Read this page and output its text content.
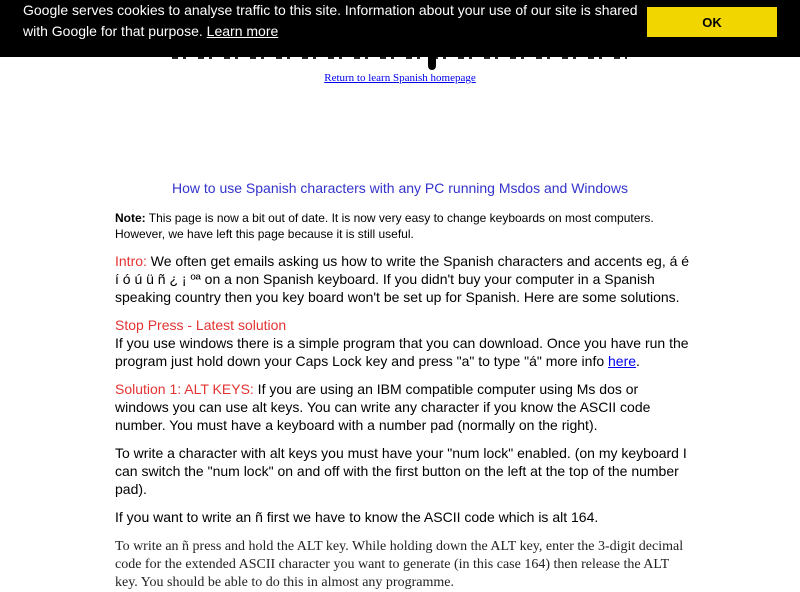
Google serves cookies to analyse traffic to this site. Information about your use of our site is shared with Google for that purpose. Learn more
OK
Return to learn Spanish homepage
How to use Spanish characters with any PC running Msdos and Windows

Note: This page is now a bit out of date. It is now very easy to change keyboards on most computers. However, we have left this page because it is still useful.

Intro: We often get emails asking us how to write the Spanish characters and accents eg, á é í ó ú ü ñ ¿ ¡ ºª on a non Spanish keyboard. If you didn't buy your computer in a Spanish speaking country then you key board won't be set up for Spanish. Here are some solutions.

Stop Press - Latest solution
If you use windows there is a simple program that you can download. Once you have run the program just hold down your Caps Lock key and press "a" to type "á" more info here.

Solution 1: ALT KEYS: If you are using an IBM compatible computer using Ms dos or windows you can use alt keys. You can write any character if you know the ASCII code number. You must have a keyboard with a number pad (normally on the right).

To write a character with alt keys you must have your "num lock" enabled. (on my keyboard I can switch the "num lock" on and off with the first button on the left at the top of the number pad).

If you want to write an ñ first we have to know the ASCII code which is alt 164.

To write an ñ press and hold the ALT key. While holding down the ALT key, enter the 3-digit decimal code for the extended ASCII character you want to generate (in this case 164) then release the ALT key. You should be able to do this in almost any programme.
